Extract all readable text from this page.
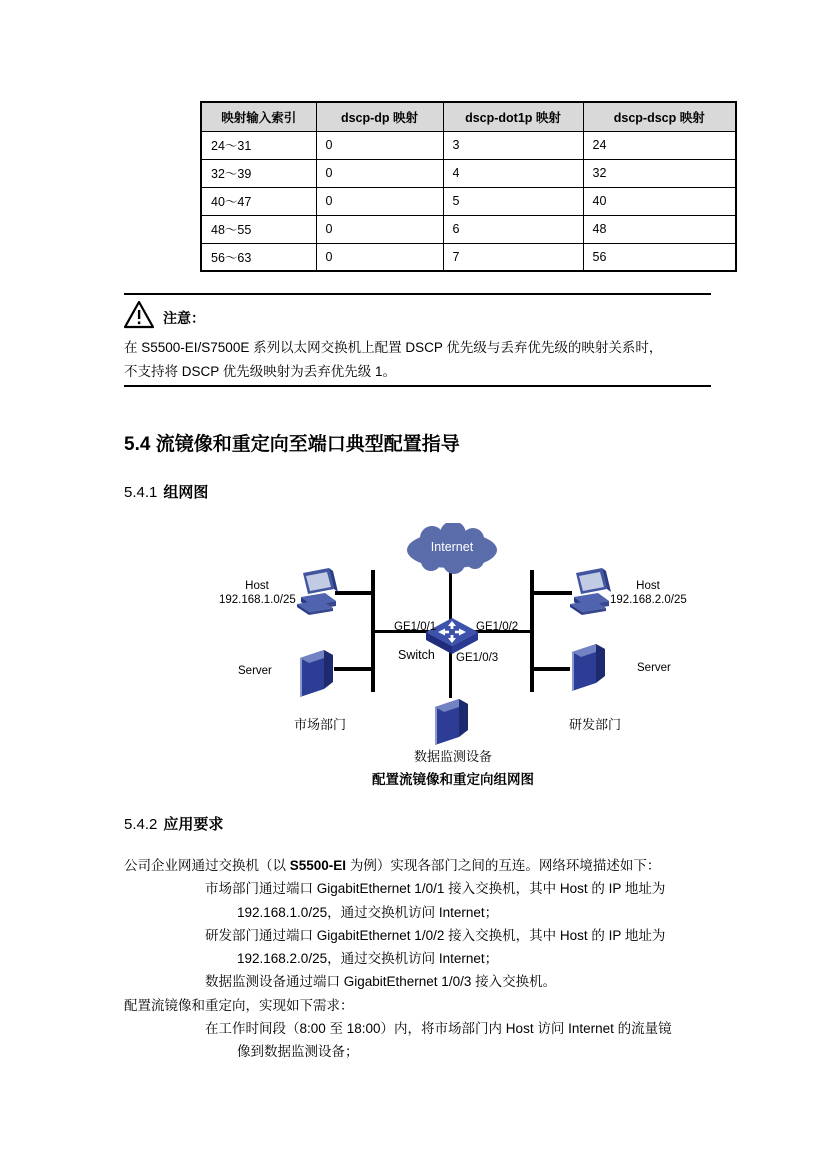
映射输入索引	dscp-dp 映射	dscp-dot1p 映射	dscp-dscp 映射
24～31	0	3	24
32～39	0	4	32
40～47	0	5	40
48～55	0	6	48
56～63	0	7	56
注意：
在 S5500-EI/S7500E 系列以太网交换机上配置 DSCP 优先级与丢弃优先级的映射关系时，
不支持将 DSCP 优先级映射为丢弃优先级 1。
5.4 流镜像和重定向至端口典型配置指导
5.4.1 组网图
Internet
Host
192.168.1.0/25
Host
192.168.2.0/25
GE1/0/1	GE1/0/2
Switch GE1/0/3
Server
市场部门
Server
研发部门
数据监测设备
配置流镜像和重定向组网图
5.4.2 应用要求
公司企业网通过交换机（以 S5500-EI 为例）实现各部门之间的互连。网络环境描述如下：
市场部门通过端口 GigabitEthernet 1/0/1 接入交换机，其中 Host 的 IP 地址为
192.168.1.0/25，通过交换机访问 Internet；
研发部门通过端口 GigabitEthernet 1/0/2 接入交换机，其中 Host 的 IP 地址为
192.168.2.0/25，通过交换机访问 Internet；
数据监测设备通过端口 GigabitEthernet 1/0/3 接入交换机。
配置流镜像和重定向，实现如下需求：
在工作时间段（8:00 至 18:00）内，将市场部门内 Host 访问 Internet 的流量镜
像到数据监测设备；
